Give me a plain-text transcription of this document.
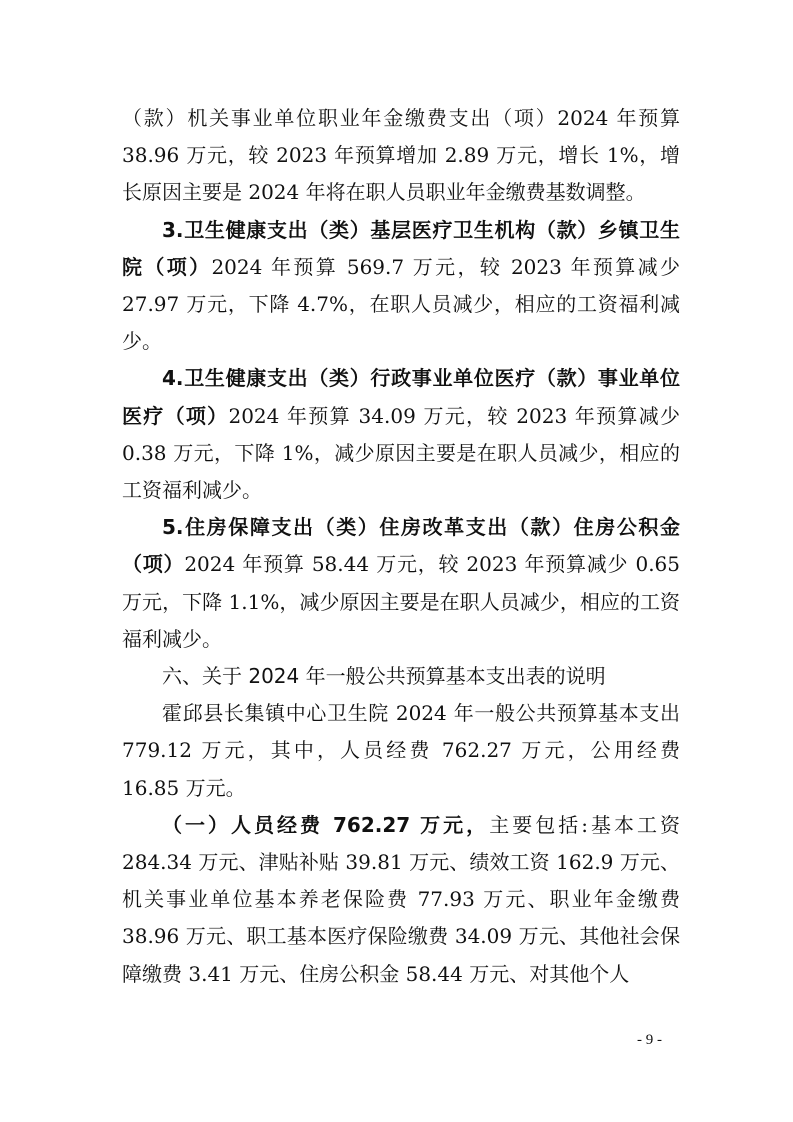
（款）机关事业单位职业年金缴费支出（项）2024 年预算 38.96 万元，较 2023 年预算增加 2.89 万元，增长 1%，增长原因主要是 2024 年将在职人员职业年金缴费基数调整。

3.卫生健康支出（类）基层医疗卫生机构（款）乡镇卫生院（项）2024 年预算 569.7 万元，较 2023 年预算减少 27.97 万元，下降 4.7%，在职人员减少，相应的工资福利减少。

4.卫生健康支出（类）行政事业单位医疗（款）事业单位医疗（项）2024 年预算 34.09 万元，较 2023 年预算减少 0.38 万元，下降 1%，减少原因主要是在职人员减少，相应的工资福利减少。

5.住房保障支出（类）住房改革支出（款）住房公积金（项）2024 年预算 58.44 万元，较 2023 年预算减少 0.65 万元，下降 1.1%，减少原因主要是在职人员减少，相应的工资福利减少。

六、关于 2024 年一般公共预算基本支出表的说明

霍邱县长集镇中心卫生院 2024 年一般公共预算基本支出 779.12 万元，其中，人员经费 762.27 万元，公用经费 16.85 万元。

（一）人员经费 762.27 万元，主要包括:基本工资 284.34 万元、津贴补贴 39.81 万元、绩效工资 162.9 万元、机关事业单位基本养老保险费 77.93 万元、职业年金缴费 38.96 万元、职工基本医疗保险缴费 34.09 万元、其他社会保障缴费 3.41 万元、住房公积金 58.44 万元、对其他个人

- 9 -
